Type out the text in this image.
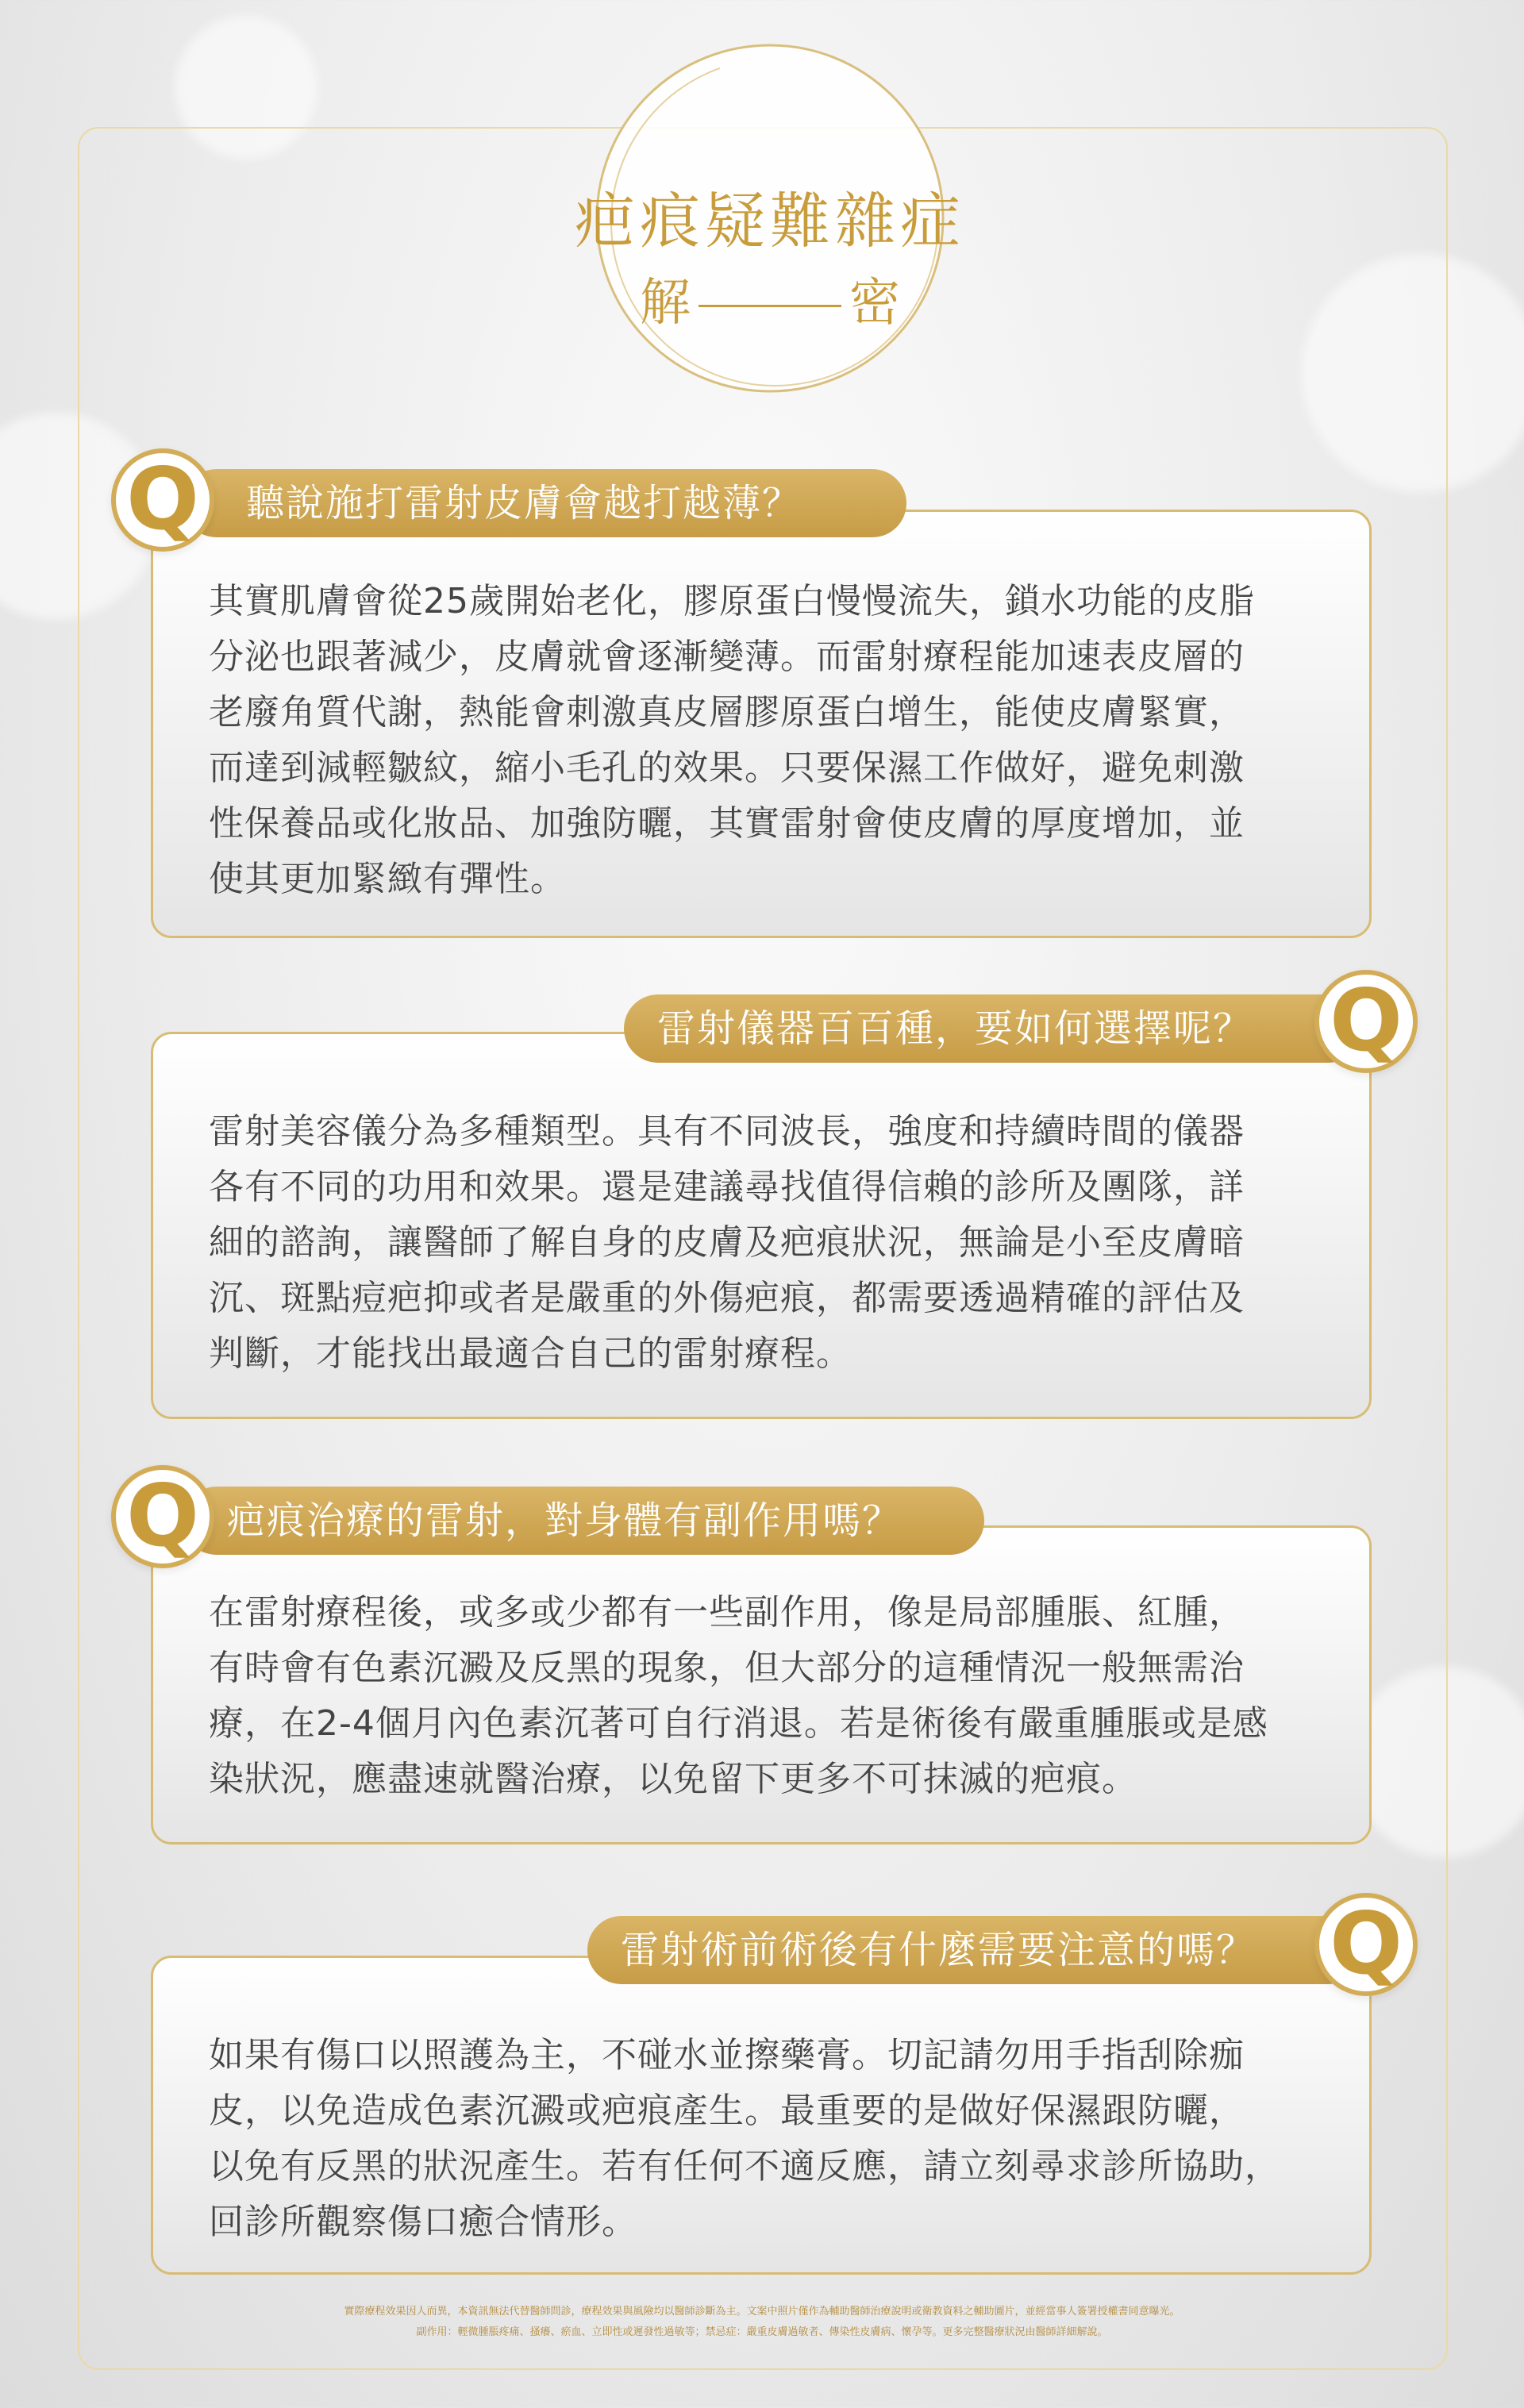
疤痕疑難雜症
解	密
其實肌膚會從25歲開始老化，膠原蛋白慢慢流失，鎖水功能的皮脂
分泌也跟著減少，皮膚就會逐漸變薄。而雷射療程能加速表皮層的
老廢角質代謝，熱能會刺激真皮層膠原蛋白增生，能使皮膚緊實，
而達到減輕皺紋，縮小毛孔的效果。只要保濕工作做好，避免刺激
性保養品或化妝品、加強防曬，其實雷射會使皮膚的厚度增加，並
使其更加緊緻有彈性。
聽說施打雷射皮膚會越打越薄？
Q
雷射美容儀分為多種類型。具有不同波長，強度和持續時間的儀器
各有不同的功用和效果。還是建議尋找值得信賴的診所及團隊，詳
細的諮詢，讓醫師了解自身的皮膚及疤痕狀況，無論是小至皮膚暗
沉、斑點痘疤抑或者是嚴重的外傷疤痕，都需要透過精確的評估及
判斷，才能找出最適合自己的雷射療程。
雷射儀器百百種，要如何選擇呢？ Q
在雷射療程後，或多或少都有一些副作用，像是局部腫脹、紅腫，
有時會有色素沉澱及反黑的現象，但大部分的這種情況一般無需治
療，在2-4個月內色素沉著可自行消退。若是術後有嚴重腫脹或是感
染狀況，應盡速就醫治療，以免留下更多不可抹滅的疤痕。
疤痕治療的雷射，對身體有副作用嗎？
Q
如果有傷口以照護為主，不碰水並擦藥膏。切記請勿用手指刮除痂
皮，以免造成色素沉澱或疤痕產生。最重要的是做好保濕跟防曬，
以免有反黑的狀況產生。若有任何不適反應，請立刻尋求診所協助，
回診所觀察傷口癒合情形。
雷射術前術後有什麼需要注意的嗎？ Q
實際療程效果因人而異，本資訊無法代替醫師問診，療程效果與風險均以醫師診斷為主。文案中照片僅作為輔助醫師治療說明或衛教資料之輔助圖片，並經當事人簽署授權書同意曝光。
副作用：輕微腫脹疼痛、搔癢、瘀血、立即性或遲發性過敏等；禁忌症：嚴重皮膚過敏者、傳染性皮膚病、懷孕等。更多完整醫療狀況由醫師詳細解說。
